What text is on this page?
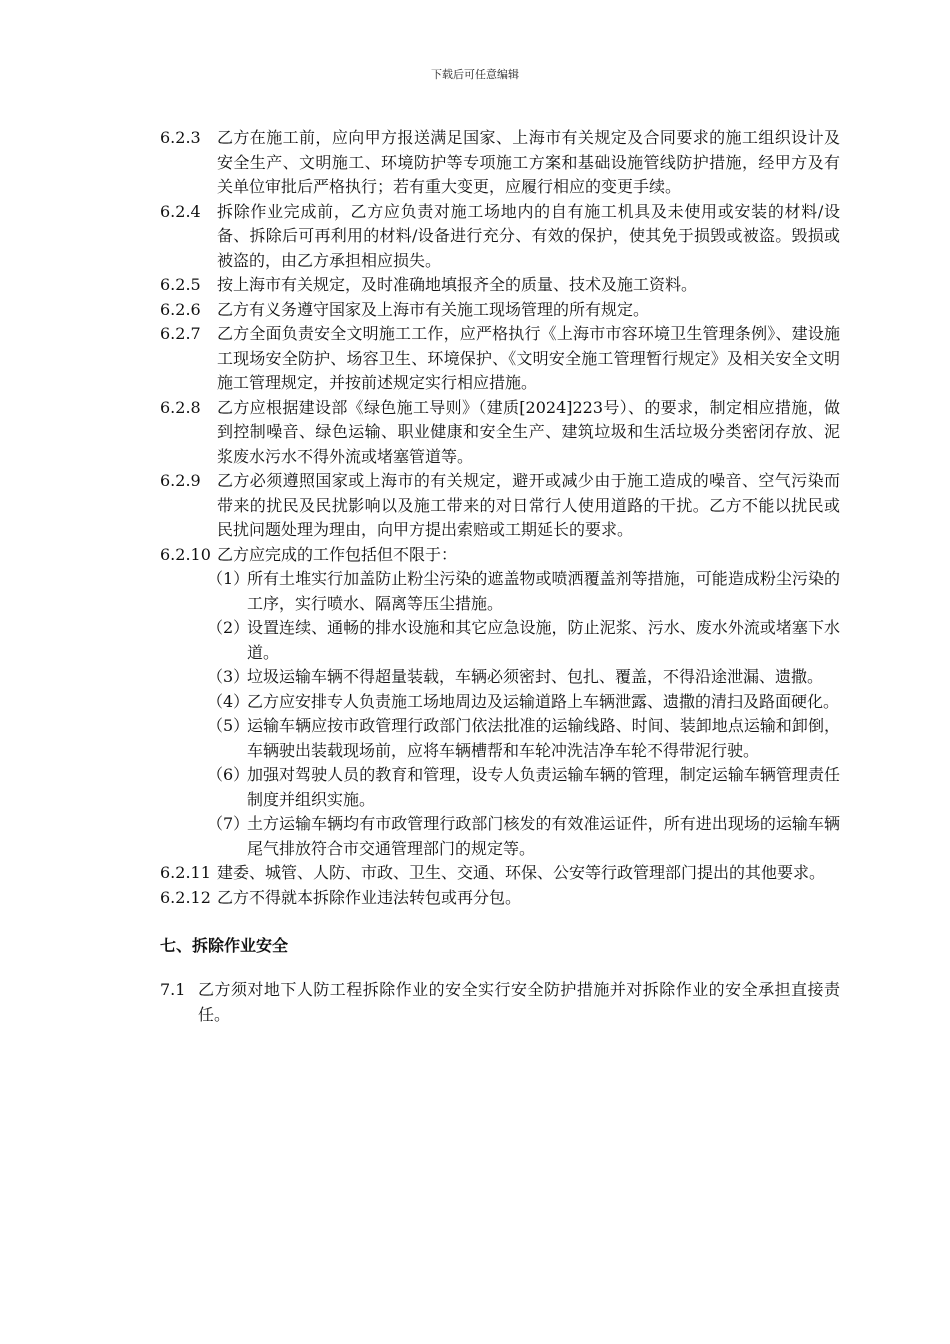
下载后可任意编辑
6.2.3	乙方在施工前，应向甲方报送满足国家、上海市有关规定及合同要求的施工组织设计及安全生产、文明施工、环境防护等专项施工方案和基础设施管线防护措施，经甲方及有关单位审批后严格执行；若有重大变更，应履行相应的变更手续。
6.2.4	拆除作业完成前，乙方应负责对施工场地内的自有施工机具及未使用或安装的材料/设备、拆除后可再利用的材料/设备进行充分、有效的保护，使其免于损毁或被盗。毁损或被盗的，由乙方承担相应损失。
6.2.5	按上海市有关规定，及时准确地填报齐全的质量、技术及施工资料。
6.2.6	乙方有义务遵守国家及上海市有关施工现场管理的所有规定。
6.2.7	乙方全面负责安全文明施工工作，应严格执行《上海市市容环境卫生管理条例》、建设施工现场安全防护、场容卫生、环境保护、《文明安全施工管理暂行规定》及相关安全文明施工管理规定，并按前述规定实行相应措施。
6.2.8	乙方应根据建设部《绿色施工导则》（建质[2024]223号）、的要求，制定相应措施，做到控制噪音、绿色运输、职业健康和安全生产、建筑垃圾和生活垃圾分类密闭存放、泥浆废水污水不得外流或堵塞管道等。
6.2.9	乙方必须遵照国家或上海市的有关规定，避开或减少由于施工造成的噪音、空气污染而带来的扰民及民扰影响以及施工带来的对日常行人使用道路的干扰。乙方不能以扰民或民扰问题处理为理由，向甲方提出索赔或工期延长的要求。
6.2.10 乙方应完成的工作包括但不限于：
（1）
所有土堆实行加盖防止粉尘污染的遮盖物或喷洒覆盖剂等措施，可能造成粉尘污染的工序，实行喷水、隔离等压尘措施。
（2）
设置连续、通畅的排水设施和其它应急设施，防止泥浆、污水、废水外流或堵塞下水道。
（3）
垃圾运输车辆不得超量装载，车辆必须密封、包扎、覆盖，不得沿途泄漏、遗撒。
（4）
乙方应安排专人负责施工场地周边及运输道路上车辆泄露、遗撒的清扫及路面硬化。
（5）
运输车辆应按市政管理行政部门依法批准的运输线路、时间、装卸地点运输和卸倒，车辆驶出装载现场前，应将车辆槽帮和车轮冲洗洁净车轮不得带泥行驶。
（6）
加强对驾驶人员的教育和管理，设专人负责运输车辆的管理，制定运输车辆管理责任制度并组织实施。
（7）
土方运输车辆均有市政管理行政部门核发的有效准运证件，所有进出现场的运输车辆尾气排放符合市交通管理部门的规定等。
6.2.11 建委、城管、人防、市政、卫生、交通、环保、公安等行政管理部门提出的其他要求。
6.2.12 乙方不得就本拆除作业违法转包或再分包。
七、拆除作业安全
7.1 乙方须对地下人防工程拆除作业的安全实行安全防护措施并对拆除作业的安全承担直接责任。
